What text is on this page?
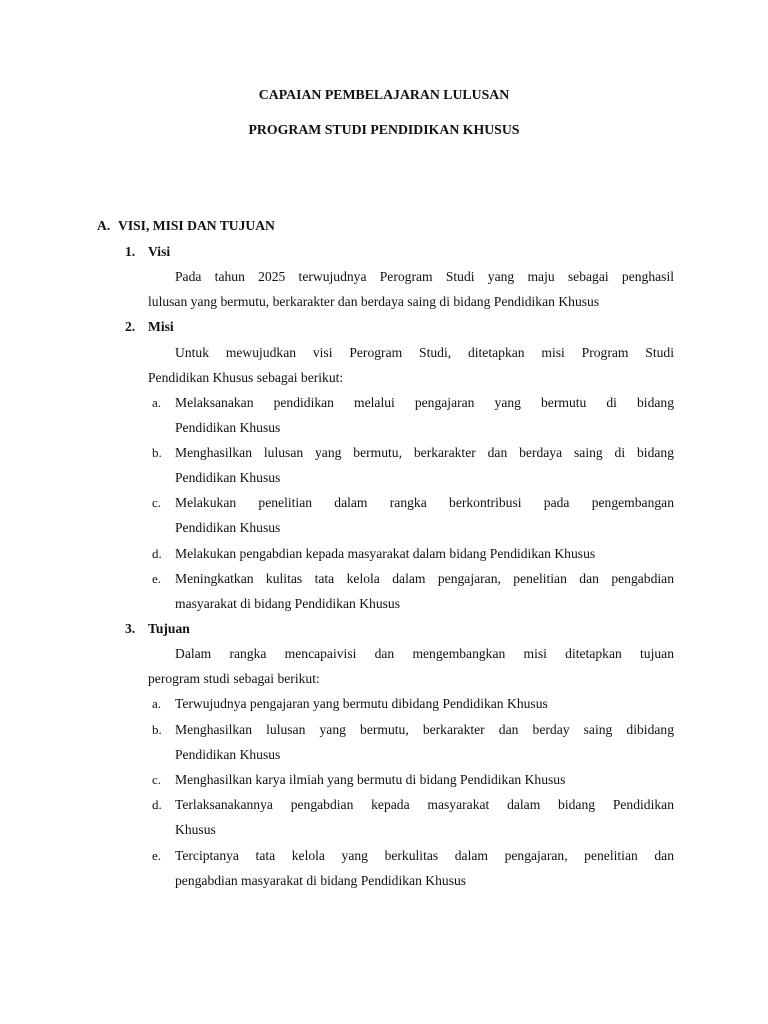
CAPAIAN PEMBELAJARAN LULUSAN
PROGRAM STUDI PENDIDIKAN KHUSUS
A. VISI, MISI DAN TUJUAN
1. Visi
Pada tahun 2025 terwujudnya Perogram Studi yang maju sebagai penghasil
lulusan yang bermutu, berkarakter dan berdaya saing di bidang Pendidikan Khusus
2. Misi
Untuk mewujudkan visi Perogram Studi, ditetapkan misi Program Studi
Pendidikan Khusus sebagai berikut:
a. Melaksanakan pendidikan melalui pengajaran yang bermutu di bidang
Pendidikan Khusus
b. Menghasilkan lulusan yang bermutu, berkarakter dan berdaya saing di bidang
Pendidikan Khusus
c. Melakukan penelitian dalam rangka berkontribusi pada pengembangan
Pendidikan Khusus
d. Melakukan pengabdian kepada masyarakat dalam bidang Pendidikan Khusus
e. Meningkatkan kulitas tata kelola dalam pengajaran, penelitian dan pengabdian
masyarakat di bidang Pendidikan Khusus
3. Tujuan
Dalam rangka mencapaivisi dan mengembangkan misi ditetapkan tujuan
perogram studi sebagai berikut:
a. Terwujudnya pengajaran yang bermutu dibidang Pendidikan Khusus
b. Menghasilkan lulusan yang bermutu, berkarakter dan berday saing dibidang
Pendidikan Khusus
c. Menghasilkan karya ilmiah yang bermutu di bidang Pendidikan Khusus
d. Terlaksanakannya pengabdian kepada masyarakat dalam bidang Pendidikan
Khusus
e. Terciptanya tata kelola yang berkulitas dalam pengajaran, penelitian dan
pengabdian masyarakat di bidang Pendidikan Khusus
